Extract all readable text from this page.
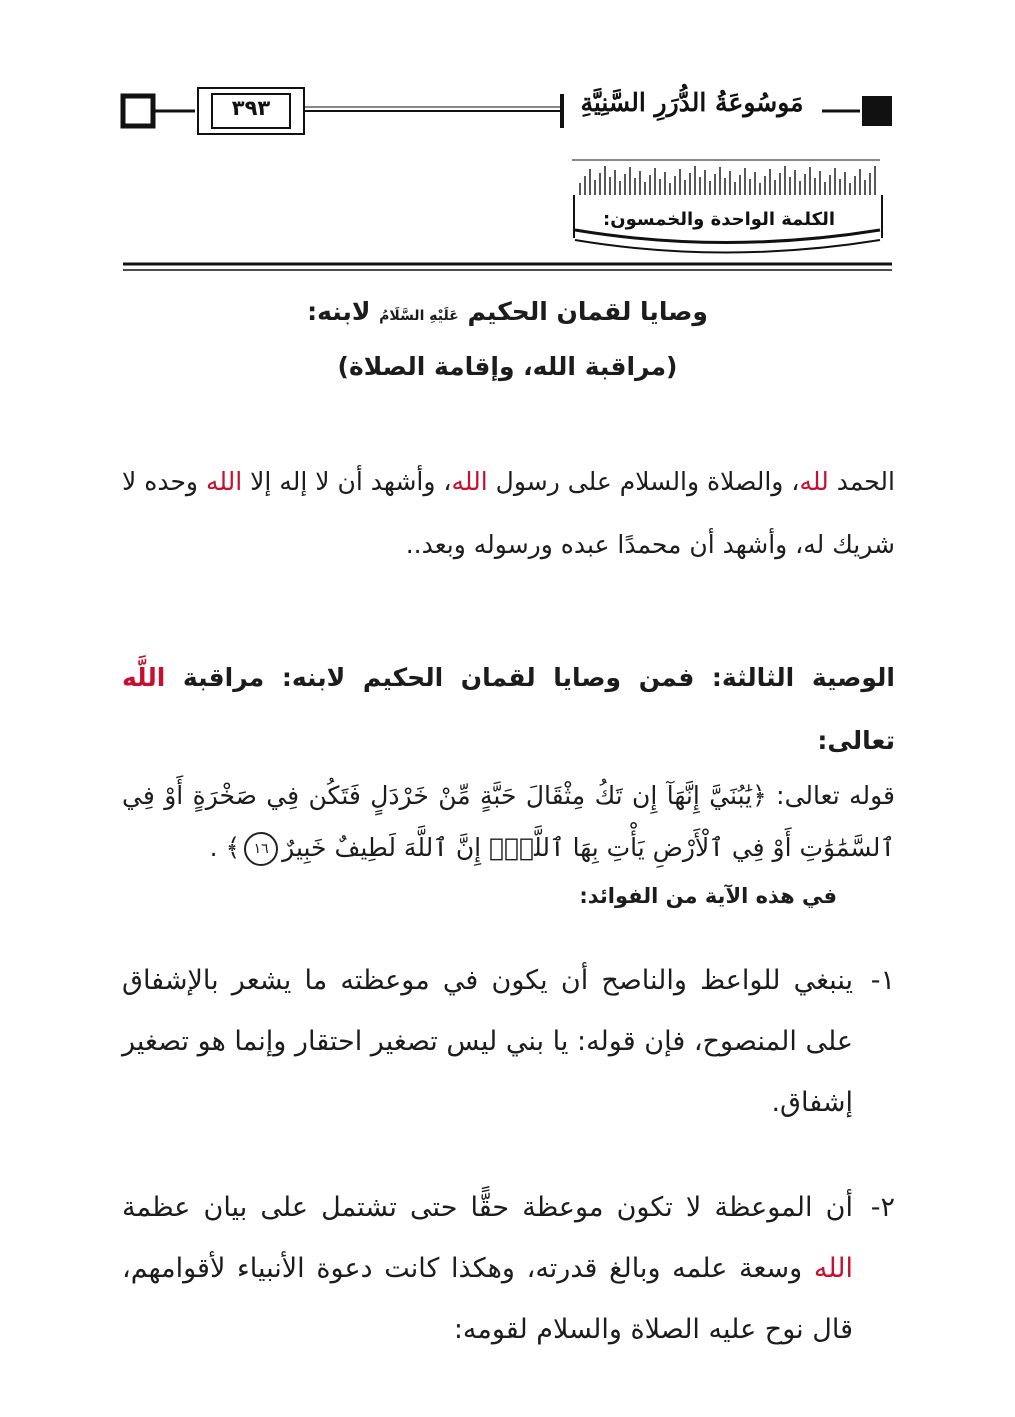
٣٩٣	مَوسُوعَةُ الدُّرَرِ السَّنِيَّةِ
الكلمة الواحدة والخمسون:
وصايا لقمان الحكيم عَلَيْهِ السَّلَامُ لابنه:
(مراقبة الله، وإقامة الصلاة)
الحمد لله، والصلاة والسلام على رسول الله، وأشهد أن لا إله إلا الله وحده لا شريك له، وأشهد أن محمدًا عبده ورسوله وبعد..
الوصية الثالثة: فمن وصايا لقمان الحكيم لابنه: مراقبة اللَّه تعالى:
قوله تعالى: ﴿يَٰبُنَيَّ إِنَّهَآ إِن تَكُ مِثْقَالَ حَبَّةٍ مِّنْ خَرْدَلٍ فَتَكُن فِي صَخْرَةٍ أَوْ فِي ٱلسَّمَٰوَٰتِ أَوْ فِي ٱلْأَرْضِ يَأْتِ بِهَا ٱللَّهُۚ إِنَّ ٱللَّهَ لَطِيفٌ خَبِيرٌ١٦﴾ .
في هذه الآية من الفوائد:
١-
ينبغي للواعظ والناصح أن يكون في موعظته ما يشعر بالإشفاق على المنصوح، فإن قوله: يا بني ليس تصغير احتقار وإنما هو تصغير إشفاق.
٢-
أن الموعظة لا تكون موعظة حقًّا حتى تشتمل على بيان عظمة الله وسعة علمه وبالغ قدرته، وهكذا كانت دعوة الأنبياء لأقوامهم، قال نوح عليه الصلاة والسلام لقومه:
